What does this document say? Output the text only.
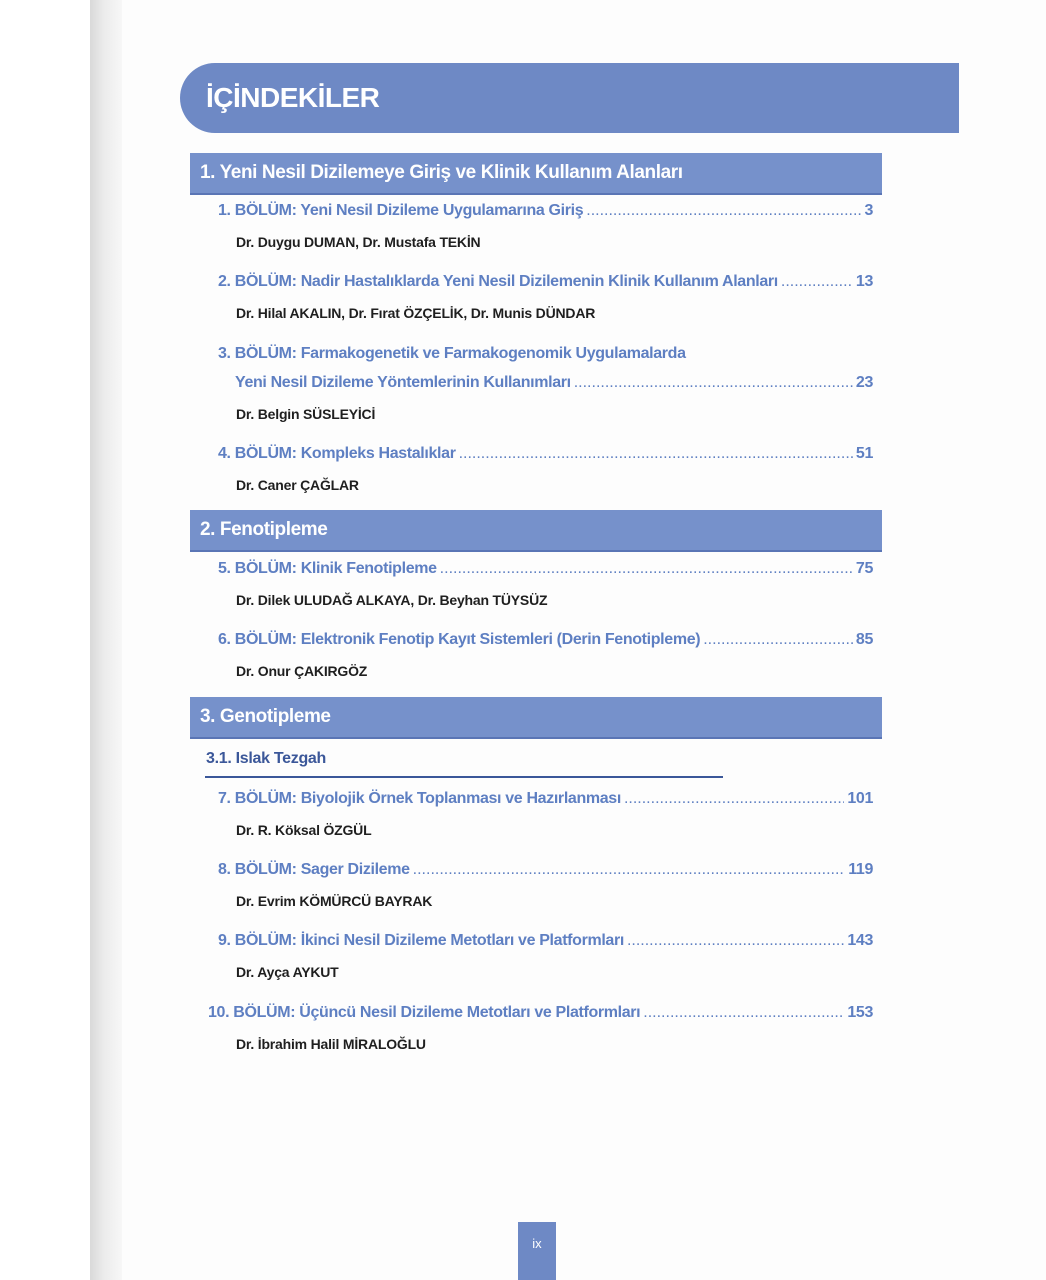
İÇİNDEKİLER
1. Yeni Nesil Dizilemeye Giriş ve Klinik Kullanım Alanları
1. BÖLÜM: Yeni Nesil Dizileme Uygulamarına Giriş .....	3
Dr. Duygu DUMAN, Dr. Mustafa TEKİN
2. BÖLÜM: Nadir Hastalıklarda Yeni Nesil Dizilemenin Klinik Kullanım Alanları .....	13
Dr. Hilal AKALIN, Dr. Fırat ÖZÇELİK, Dr. Munis DÜNDAR
3. BÖLÜM: Farmakogenetik ve Farmakogenomik Uygulamalarda
Yeni Nesil Dizileme Yöntemlerinin Kullanımları .....	23
Dr. Belgin SÜSLEYİCİ
4. BÖLÜM: Kompleks Hastalıklar .....	51
Dr. Caner ÇAĞLAR
2. Fenotipleme
5. BÖLÜM: Klinik Fenotipleme .....	75
Dr. Dilek ULUDAĞ ALKAYA, Dr. Beyhan TÜYSÜZ
6. BÖLÜM: Elektronik Fenotip Kayıt Sistemleri (Derin Fenotipleme) .....	85
Dr. Onur ÇAKIRGÖZ
3. Genotipleme
3.1. Islak Tezgah
7. BÖLÜM: Biyolojik Örnek Toplanması ve Hazırlanması .....	101
Dr. R. Köksal ÖZGÜL
8. BÖLÜM: Sager Dizileme .....	119
Dr. Evrim KÖMÜRCÜ BAYRAK
9. BÖLÜM: İkinci Nesil Dizileme Metotları ve Platformları .....	143
Dr. Ayça AYKUT
10. BÖLÜM: Üçüncü Nesil Dizileme Metotları ve Platformları .....	153
Dr. İbrahim Halil MİRALOĞLU
ix
